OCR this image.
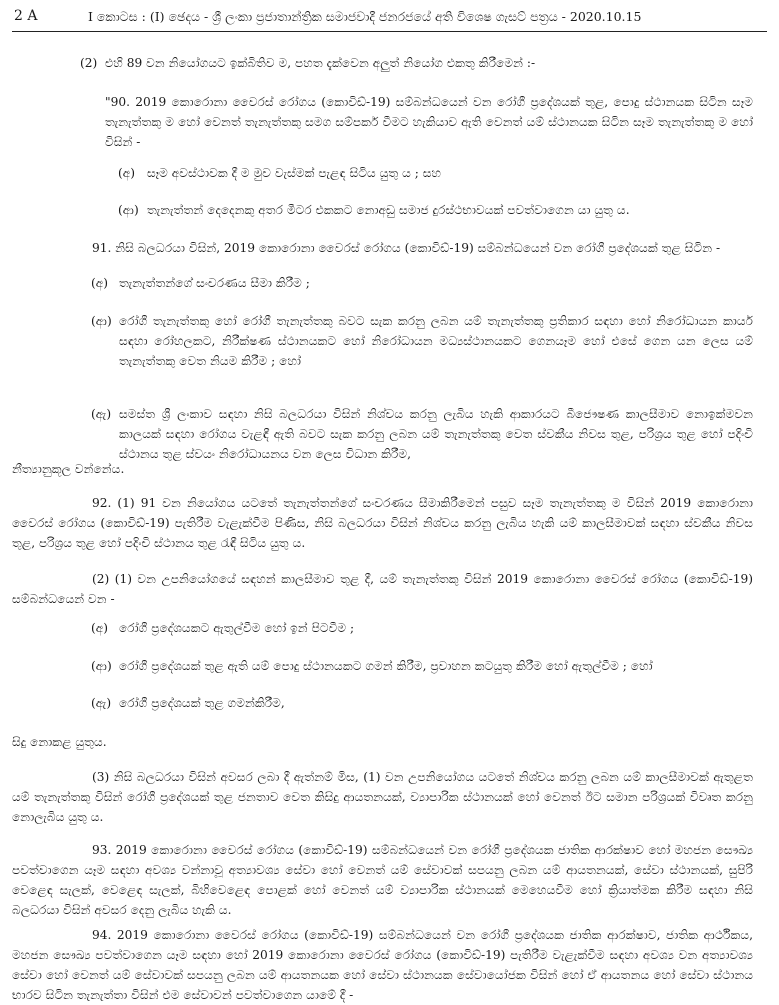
2 A	I කොටස : (I) ඡෙදය - ශ්‍රී ලංකා ප්‍රජාතාන්ත්‍රික සමාජවාදී ජනරජයේ අති විශෙෂ ගැසට් පත්‍රය - 2020.10.15
(2) එහි 89 වන නියෝගයට ඉක්බිතිව ම, පහත දැක්වෙන අලුත් නියෝග එකතු කිරීමෙන් :-
"90. 2019 කොරොනා වෛරස් රෝගය (කොවිඩ්-19) සම්බන්ධයෙන් වන රෝගී ප්‍රදේශයක් තුළ, පොදු ස්ථානයක සිටින සෑම තැනැත්තකු ම හෝ වෙනත් තැනැත්තකු සමග සම්පර්ක වීමට හැකියාව ඇති වෙනත් යම් ස්ථානයක සිටින සෑම තැනැත්තකු ම හෝ විසින් -
(අ) සෑම අවස්ථාවක දී ම මුව වැස්මක් පැළඳ සිටිය යුතු ය ; සහ
(ආ) තැනැත්තන් දෙදෙනකු අතර මීටර එකකට නොඅඩු සමාජ දුරස්ථභාවයක් පවත්වාගෙන යා යුතු ය.
91. නිසි බලධරයා විසින්, 2019 කොරොනා වෛරස් රෝගය (කොවිඩ්-19) සම්බන්ධයෙන් වන රෝගී ප්‍රදේශයක් තුළ සිටින -
(අ) තැනැත්තන්ගේ සංචරණය සීමා කිරීම ;
(ආ) රෝගී තැනැත්තකු හෝ රෝගී තැනැත්තකු බවට සැක කරනු ලබන යම් තැනැත්තකු ප්‍රතිකාර සඳහා හෝ නිරෝධායන කාර්ය සඳහා රෝහලකට, නිරීක්ෂණ ස්ථානයකට හෝ නිරෝධායන මධ්‍යස්ථානයකට ගෙනයෑම හෝ එසේ ගෙන යන ලෙස යම් තැනැත්තකු වෙත නියම කිරීම ; හෝ
(ඇ) සමස්ත ශ්‍රී ලංකාව සඳහා නිසි බලධරයා විසින් නිශ්චය කරනු ලැබිය හැකි ආකාරයට බීජෞෂණ කාලසීමාව නොඉක්මවන කාලයක් සඳහා රෝගය වැළඳී ඇති බවට සැක කරනු ලබන යම් තැනැත්තකු වෙත ස්වකීය නිවස තුළ, පරිශ්‍රය තුළ හෝ පදිංචි ස්ථානය තුළ ස්වයං නිරෝධායනය වන ලෙස විධාන කිරීම,
නීත්‍යානුකූල වන්නේය.
92. (1) 91 වන නියෝගය යටතේ තැනැත්තන්ගේ සංචරණය සීමාකිරීමෙන් පසුව සෑම තැනැත්තකු ම විසින් 2019 කොරොනා වෛරස් රෝගය (කොවිඩ්-19) පැතිරීම වැළැක්වීම පිණිස, නිසි බලධරයා විසින් නිශ්චය කරනු ලැබිය හැකි යම් කාලසීමාවක් සඳහා ස්වකීය නිවස තුළ, පරිශ්‍රය තුළ හෝ පදිංචි ස්ථානය තුළ රැඳී සිටිය යුතු ය.
(2) (1) වන උපනියෝගයේ සඳහන් කාලසීමාව තුළ දී, යම් තැනැත්තකු විසින් 2019 කොරොනා වෛරස් රෝගය (කොවිඩ්-19) සම්බන්ධයෙන් වන -
(අ) රෝගී ප්‍රදේශයකට ඇතුල්වීම හෝ ඉන් පිටවීම ;
(ආ) රෝගී ප්‍රදේශයක් තුළ ඇති යම් පොදු ස්ථානයකට ගමන් කිරීම, ප්‍රවාහන කටයුතු කිරීම හෝ ඇතුල්වීම ; හෝ
(ඇ) රෝගී ප්‍රදේශයක් තුළ ගමන්කිරීම,
සිදු නොකළ යුතුය.
(3) නිසි බලධරයා විසින් අවසර ලබා දී ඇත්නම් මිස, (1) වන උපනියෝගය යටතේ නිශ්චය කරනු ලබන යම් කාලසීමාවක් ඇතුළත යම් තැනැත්තකු විසින් රෝගී ප්‍රදේශයක් තුළ ජනතාව වෙත කිසිදු ආයතනයක්, ව්‍යාපාරික ස්ථානයක් හෝ වෙනත් ඊට සමාන පරිශ්‍රයක් විවෘත කරනු නොලැබිය යුතු ය.
93. 2019 කොරොනා වෛරස් රෝගය (කොවිඩ්-19) සම්බන්ධයෙන් වන රෝගී ප්‍රදේශයක ජාතික ආරක්ෂාව හෝ මහජන සෞඛ්‍ය පවත්වාගෙන යෑම සඳහා අවශ්‍ය වන්නාවූ අත්‍යාවශ්‍ය සේවා හෝ වෙනත් යම් සේවාවක් සපයනු ලබන යම් ආයතනයක්, සේවා ස්ථානයක්, සුපිරි වෙළෙඳ සැලක්, වෙළෙඳ සැලක්, බිහිවෙළෙඳ පොළක් හෝ වෙනත් යම් ව්‍යාපාරික ස්ථානයක් මෙහෙයවීම හෝ ක්‍රියාත්මක කිරීම සඳහා නිසි බලධරයා විසින් අවසර දෙනු ලැබිය හැකි ය.
94. 2019 කොරොනා වෛරස් රෝගය (කොවිඩ්-19) සම්බන්ධයෙන් වන රෝගී ප්‍රදේශයක ජාතික ආරක්ෂාව, ජාතික ආර්ථිකය, මහජන සෞඛ්‍ය පවත්වාගෙන යෑම සඳහා හෝ 2019 කොරොනා වෛරස් රෝගය (කොවිඩ්-19) පැතිරීම වැළැක්වීම සඳහා අවශ්‍ය වන අත්‍යාවශ්‍ය සේවා හෝ වෙනත් යම් සේවාවක් සපයනු ලබන යම් ආයතනයක හෝ සේවා ස්ථානයක සේවායෝජක විසින් හෝ ඒ ආයතනය හෝ සේවා ස්ථානය භාරව සිටින තැනැත්තා විසින් එම සේවාවන් පවත්වාගෙන යාමේ දී -
